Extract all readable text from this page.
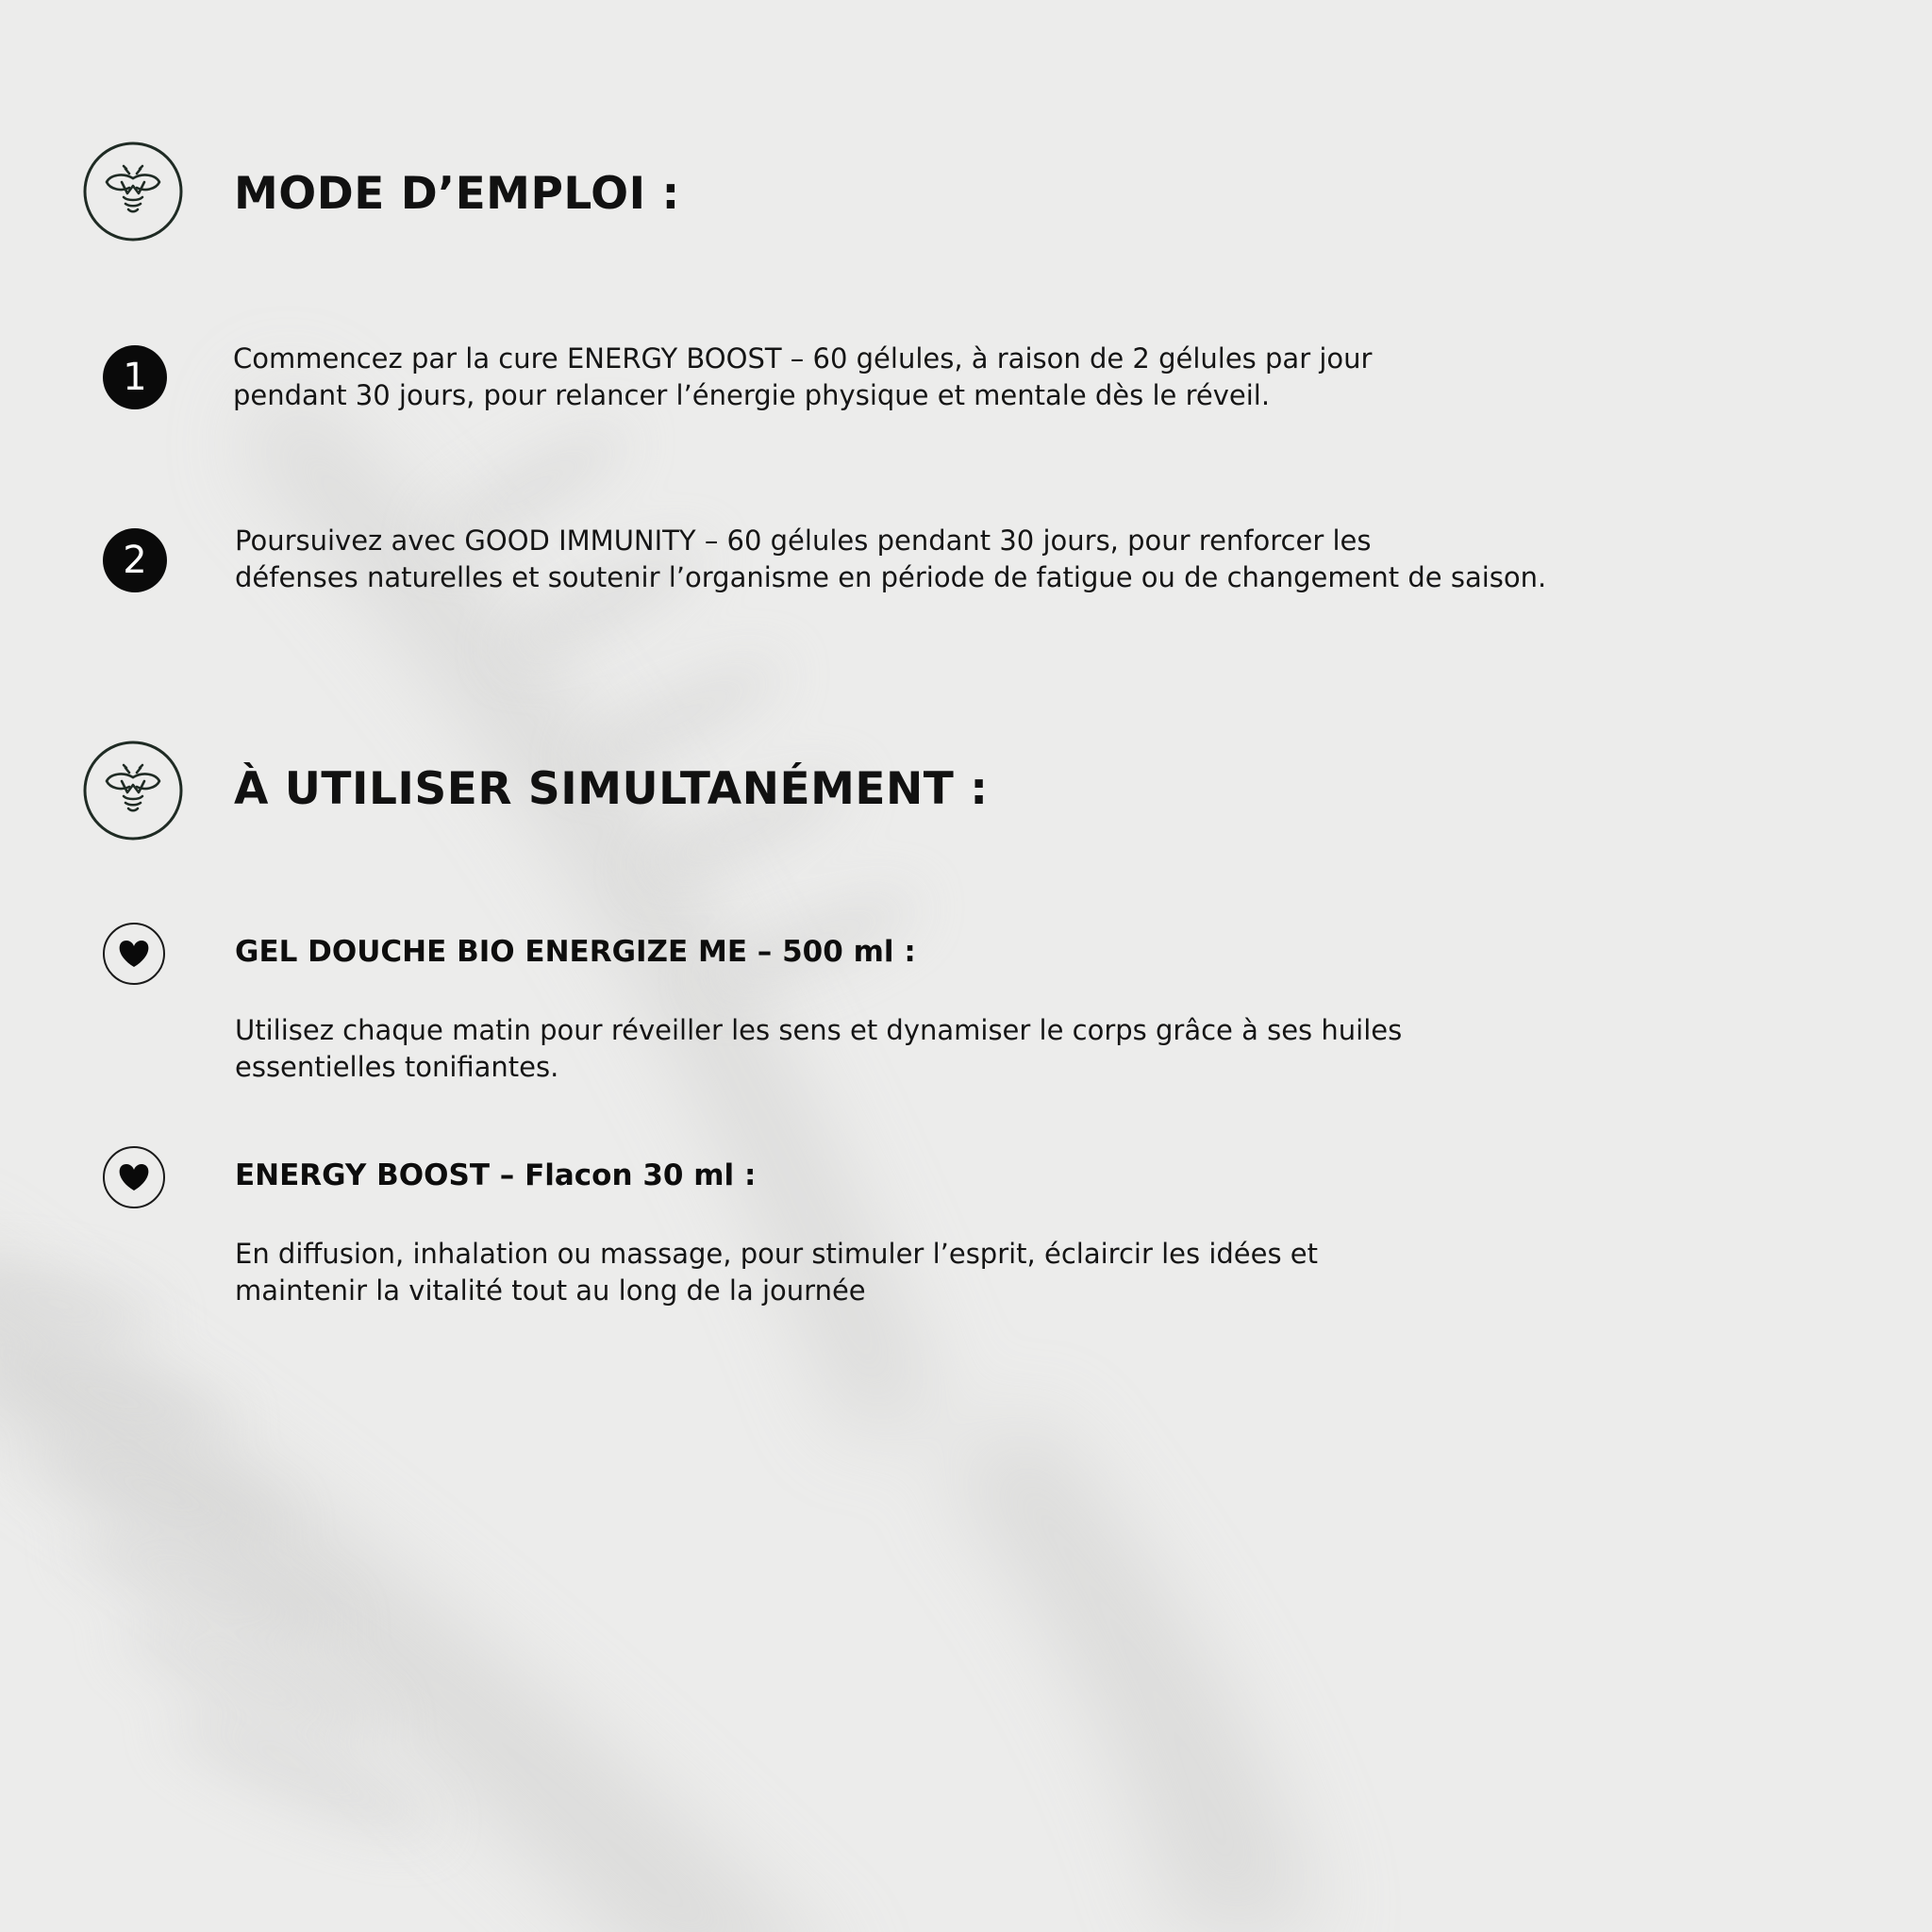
MODE D’EMPLOI :
1	Commencez par la cure ENERGY BOOST – 60 gélules, à raison de 2 gélules par jour
pendant 30 jours, pour relancer l’énergie physique et mentale dès le réveil.

2	Poursuivez avec GOOD IMMUNITY – 60 gélules pendant 30 jours, pour renforcer les
défenses naturelles et soutenir l’organisme en période de fatigue ou de changement de saison.

À UTILISER SIMULTANÉMENT :
GEL DOUCHE BIO ENERGIZE ME – 500 ml :

Utilisez chaque matin pour réveiller les sens et dynamiser le corps grâce à ses huiles
essentielles tonifiantes.

ENERGY BOOST – Flacon 30 ml :

En diffusion, inhalation ou massage, pour stimuler l’esprit, éclaircir les idées et
maintenir la vitalité tout au long de la journée
